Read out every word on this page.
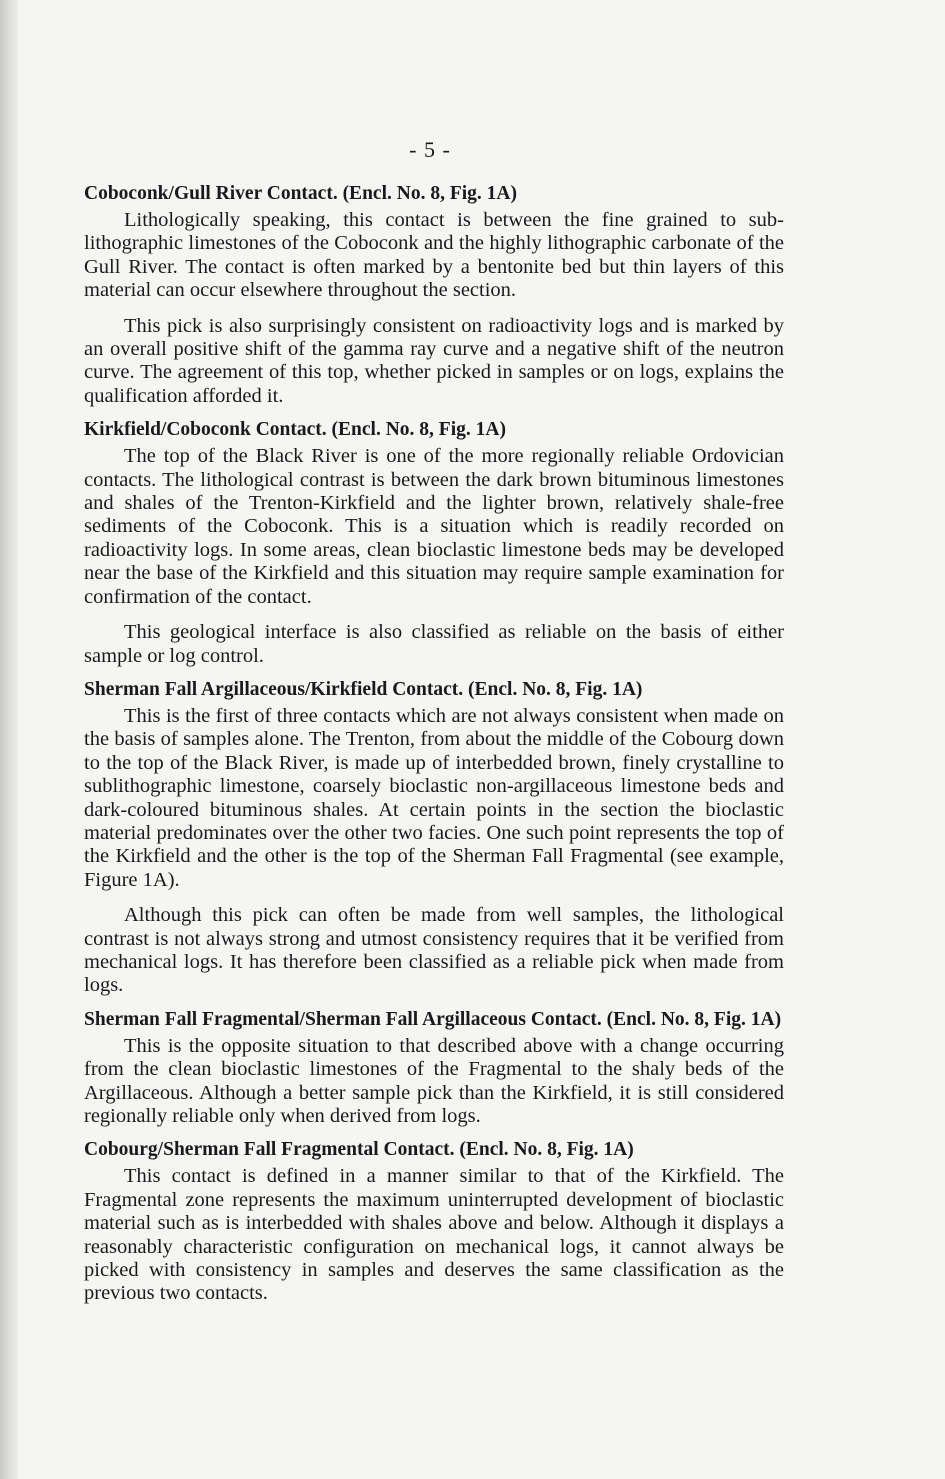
- 5 -
Coboconk/Gull River Contact. (Encl. No. 8, Fig. 1A)

Lithologically speaking, this contact is between the fine grained to sub-lithographic limestones of the Coboconk and the highly lithographic carbonate of the Gull River. The contact is often marked by a bentonite bed but thin layers of this material can occur elsewhere throughout the section.

This pick is also surprisingly consistent on radioactivity logs and is marked by an overall positive shift of the gamma ray curve and a negative shift of the neutron curve. The agreement of this top, whether picked in samples or on logs, explains the qualification afforded it.

Kirkfield/Coboconk Contact. (Encl. No. 8, Fig. 1A)

The top of the Black River is one of the more regionally reliable Ordovician contacts. The lithological contrast is between the dark brown bituminous limestones and shales of the Trenton-Kirkfield and the lighter brown, relatively shale-free sediments of the Coboconk. This is a situation which is readily recorded on radioactivity logs. In some areas, clean bioclastic limestone beds may be developed near the base of the Kirkfield and this situation may require sample examination for confirmation of the contact.

This geological interface is also classified as reliable on the basis of either sample or log control.

Sherman Fall Argillaceous/Kirkfield Contact. (Encl. No. 8, Fig. 1A)

This is the first of three contacts which are not always consistent when made on the basis of samples alone. The Trenton, from about the middle of the Cobourg down to the top of the Black River, is made up of interbedded brown, finely crystalline to sublithographic limestone, coarsely bioclastic non-argillaceous limestone beds and dark-coloured bituminous shales. At certain points in the section the bioclastic material predominates over the other two facies. One such point represents the top of the Kirkfield and the other is the top of the Sherman Fall Fragmental (see example, Figure 1A).

Although this pick can often be made from well samples, the lithological contrast is not always strong and utmost consistency requires that it be verified from mechanical logs. It has therefore been classified as a reliable pick when made from logs.

Sherman Fall Fragmental/Sherman Fall Argillaceous Contact. (Encl. No. 8, Fig. 1A)

This is the opposite situation to that described above with a change occurring from the clean bioclastic limestones of the Fragmental to the shaly beds of the Argillaceous. Although a better sample pick than the Kirkfield, it is still considered regionally reliable only when derived from logs.

Cobourg/Sherman Fall Fragmental Contact. (Encl. No. 8, Fig. 1A)

This contact is defined in a manner similar to that of the Kirkfield. The Fragmental zone represents the maximum uninterrupted development of bioclastic material such as is interbedded with shales above and below. Although it displays a reasonably characteristic configuration on mechanical logs, it cannot always be picked with consistency in samples and deserves the same classification as the previous two contacts.
